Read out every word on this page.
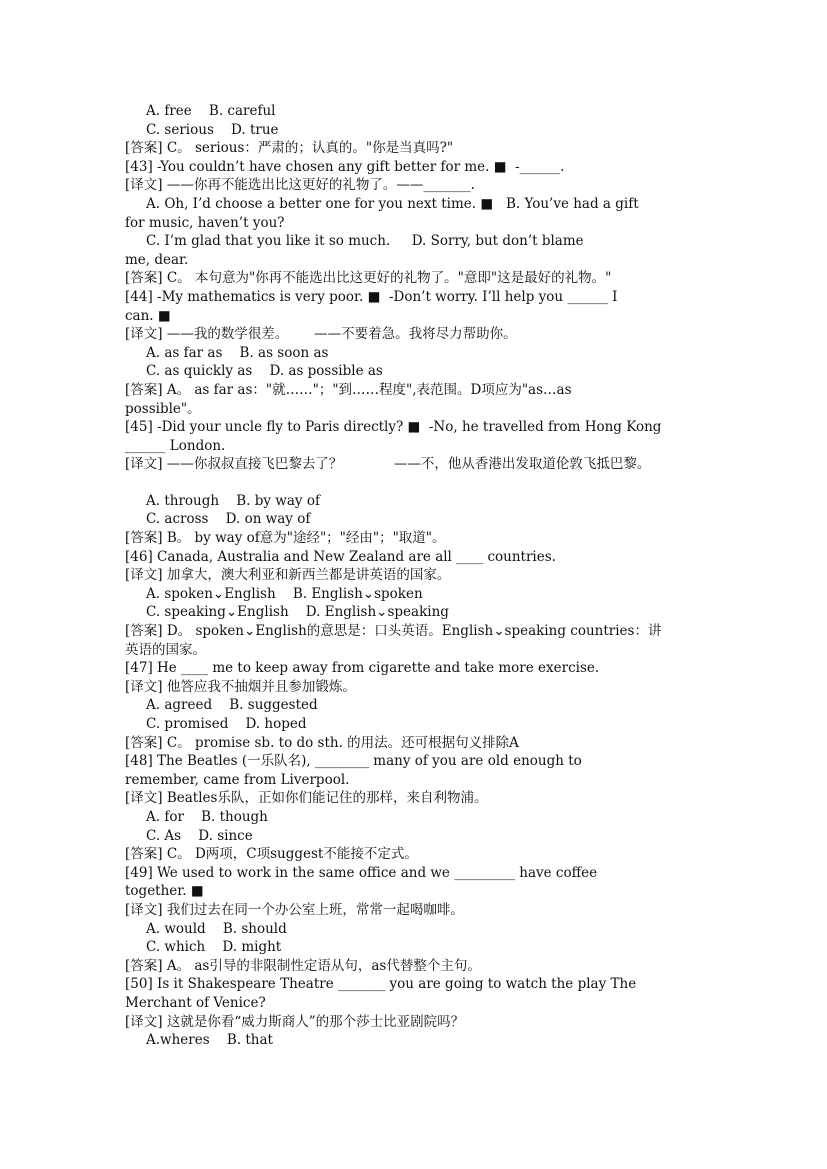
A. free    B. careful
C. serious    D. true
[答案] C。 serious：严肃的；认真的。"你是当真吗?"
[43] -You couldn’t have chosen any gift better for me. ■  -______.
[译文] ——你再不能选出比这更好的礼物了。——_______.
A. Oh, I’d choose a better one for you next time. ■   B. You’ve had a gift
for music, haven’t you?
C. I’m glad that you like it so much.     D. Sorry, but don’t blame
me, dear.
[答案] C。 本句意为"你再不能选出比这更好的礼物了。"意即"这是最好的礼物。"
[44] -My mathematics is very poor. ■  -Don’t worry. I’ll help you ______ I
can. ■
[译文] ——我的数学很差。      ——不要着急。我将尽力帮助你。
A. as far as    B. as soon as
C. as quickly as    D. as possible as
[答案] A。 as far as："就……"；"到……程度",表范围。D项应为"as…as
possible"。
[45] -Did your uncle fly to Paris directly? ■  -No, he travelled from Hong Kong
______ London.
[译文] ——你叔叔直接飞巴黎去了？            ——不，他从香港出发取道伦敦飞抵巴黎。
A. through    B. by way of
C. across    D. on way of
[答案] B。 by way of意为"途经"；"经由"；"取道"。
[46] Canada, Australia and New Zealand are all ____ countries.
[译文] 加拿大，澳大利亚和新西兰都是讲英语的国家。
A. spoken⌄English    B. English⌄spoken
C. speaking⌄English    D. English⌄speaking
[答案] D。 spoken⌄English的意思是：口头英语。English⌄speaking countries：讲
英语的国家。
[47] He ____ me to keep away from cigarette and take more exercise.
[译文] 他答应我不抽烟并且参加锻炼。
A. agreed    B. suggested
C. promised    D. hoped
[答案] C。 promise sb. to do sth. 的用法。还可根据句义排除A
[48] The Beatles (一乐队名), ________ many of you are old enough to
remember, came from Liverpool.
[译文] Beatles乐队，正如你们能记住的那样，来自利物浦。
A. for    B. though
C. As    D. since
[答案] C。 D两项，C项suggest不能接不定式。
[49] We used to work in the same office and we _________ have coffee
together. ■
[译文] 我们过去在同一个办公室上班，常常一起喝咖啡。
A. would    B. should
C. which    D. might
[答案] A。 as引导的非限制性定语从句，as代替整个主句。
[50] Is it Shakespeare Theatre _______ you are going to watch the play The
Merchant of Venice?
[译文] 这就是你看“威力斯商人”的那个莎士比亚剧院吗？
A.wheres    B. that
